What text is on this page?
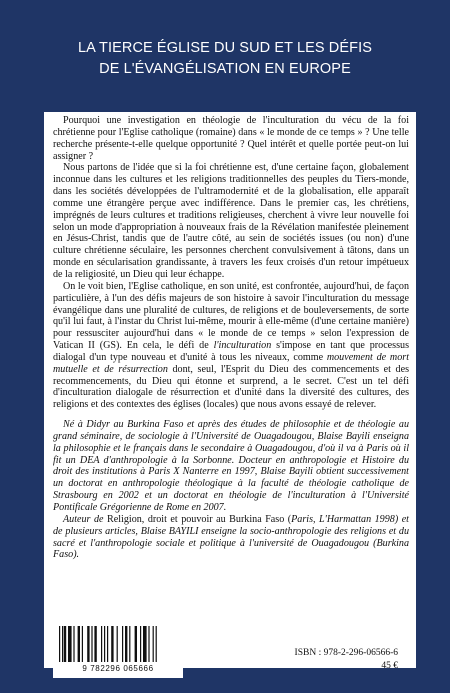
LA TIERCE ÉGLISE DU SUD ET LES DÉFIS
DE L'ÉVANGÉLISATION EN EUROPE

Pourquoi une investigation en théologie de l'inculturation du vécu de la foi chrétienne pour l'Eglise catholique (romaine) dans « le monde de ce temps » ? Une telle recherche présente-t-elle quelque opportunité ? Quel intérêt et quelle portée peut-on lui assigner ?

Nous partons de l'idée que si la foi chrétienne est, d'une certaine façon, globalement inconnue dans les cultures et les religions traditionnelles des peuples du Tiers-monde, dans les sociétés développées de l'ultramodernité et de la globalisation, elle apparaît comme une étrangère perçue avec indifférence. Dans le premier cas, les chrétiens, imprégnés de leurs cultures et traditions religieuses, cherchent à vivre leur nouvelle foi selon un mode d'appropriation à nouveaux frais de la Révélation manifestée pleinement en Jésus-Christ, tandis que de l'autre côté, au sein de sociétés issues (ou non) d'une culture chrétienne séculaire, les personnes cherchent convulsivement à tâtons, dans un monde en sécularisation grandissante, à travers les feux croisés d'un retour impétueux de la religiosité, un Dieu qui leur échappe.

On le voit bien, l'Eglise catholique, en son unité, est confrontée, aujourd'hui, de façon particulière, à l'un des défis majeurs de son histoire à savoir l'inculturation du message évangélique dans une pluralité de cultures, de religions et de bouleversements, de sorte qu'il lui faut, à l'instar du Christ lui-même, mourir à elle-même (d'une certaine manière) pour ressusciter aujourd'hui dans « le monde de ce temps » selon l'expression de Vatican II (GS). En cela, le défi de l'inculturation s'impose en tant que processus dialogal d'un type nouveau et d'unité à tous les niveaux, comme mouvement de mort mutuelle et de résurrection dont, seul, l'Esprit du Dieu des commencements et des recommencements, du Dieu qui étonne et surprend, a le secret. C'est un tel défi d'inculturation dialogale de résurrection et d'unité dans la diversité des cultures, des religions et des contextes des églises (locales) que nous avons essayé de relever.

Né à Didyr au Burkina Faso et après des études de philosophie et de théologie au grand séminaire, de sociologie à l'Université de Ouagadougou, Blaise Bayili enseigna la philosophie et le français dans le secondaire à Ouagadougou, d'où il va à Paris où il fit un DEA d'anthropologie à la Sorbonne. Docteur en anthropologie et Histoire du droit des institutions à Paris X Nanterre en 1997, Blaise Bayili obtient successivement un doctorat en anthropologie théologique à la faculté de théologie catholique de Strasbourg en 2002 et un doctorat en théologie de l'inculturation à l'Université Pontificale Grégorienne de Rome en 2007.

Auteur de Religion, droit et pouvoir au Burkina Faso (Paris, L'Harmattan 1998) et de plusieurs articles, Blaise BAYILI enseigne la socio-anthropologie des religions et du sacré et l'anthropologie sociale et politique à l'université de Ouagadougou (Burkina Faso).

9 782296 065666
ISBN : 978-2-296-06566-6
45 €
